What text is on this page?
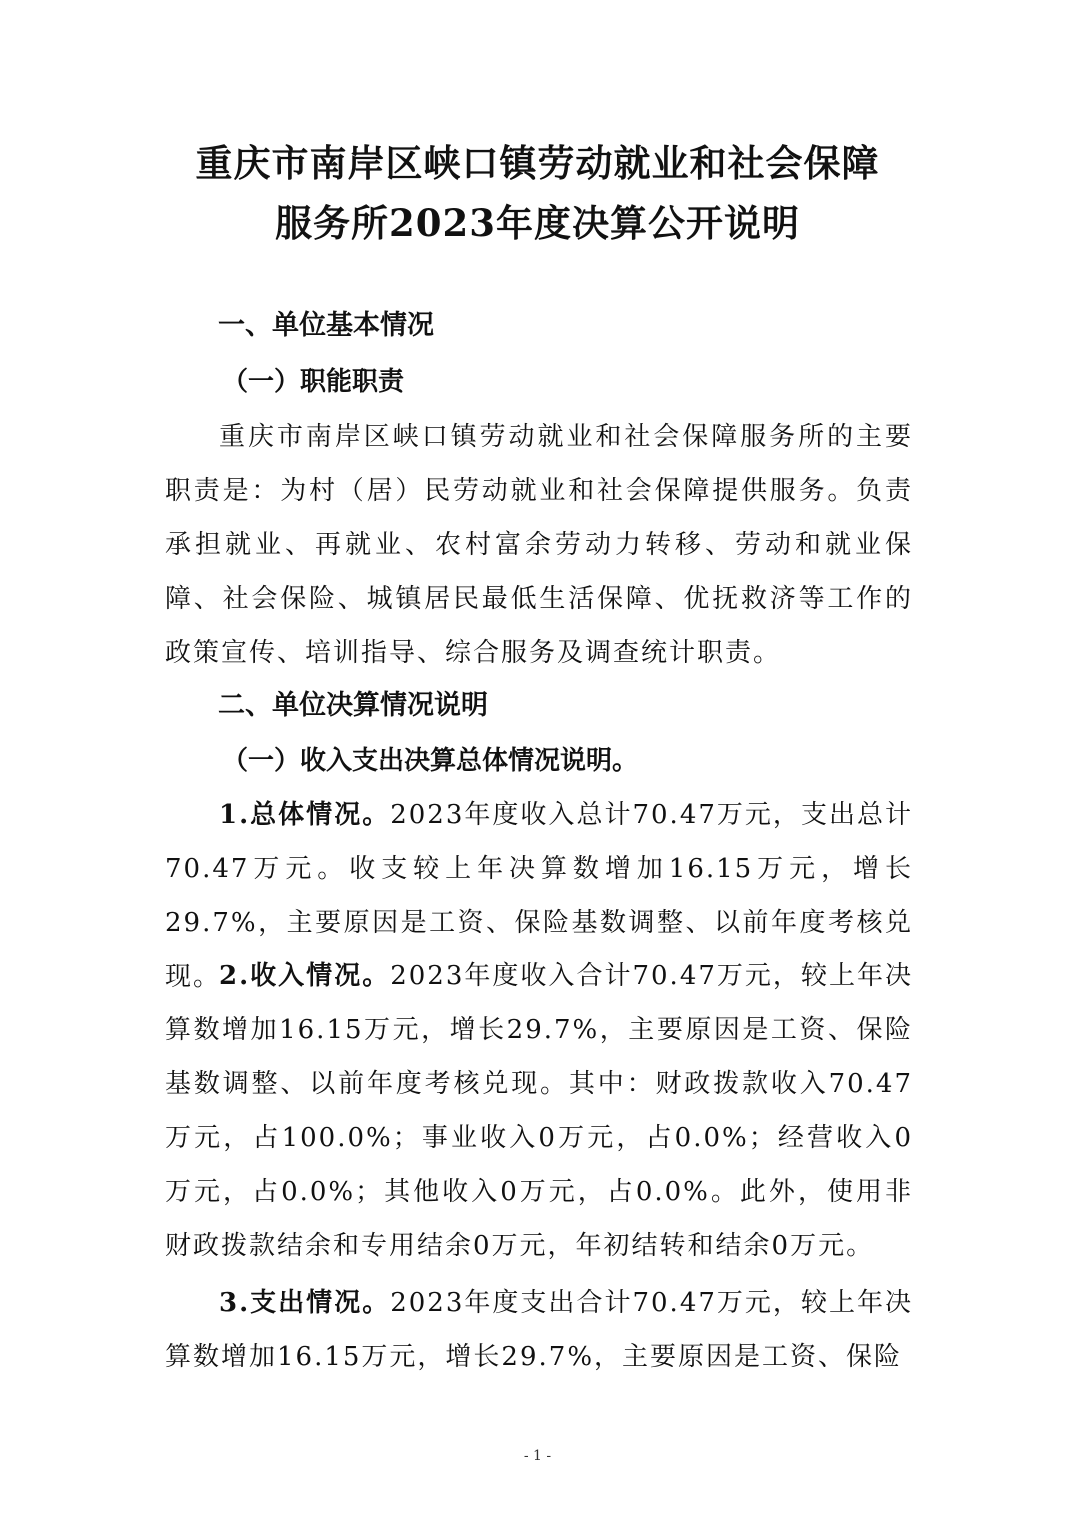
重庆市南岸区峡口镇劳动就业和社会保障
服务所2023年度决算公开说明
一、单位基本情况
（一）职能职责
重庆市南岸区峡口镇劳动就业和社会保障服务所的主要职责是：为村（居）民劳动就业和社会保障提供服务。负责承担就业、再就业、农村富余劳动力转移、劳动和就业保障、社会保险、城镇居民最低生活保障、优抚救济等工作的政策宣传、培训指导、综合服务及调查统计职责。
二、单位决算情况说明
（一）收入支出决算总体情况说明。
1.总体情况。2023年度收入总计70.47万元，支出总计70.47万元。收支较上年决算数增加16.15万元，增长29.7%，主要原因是工资、保险基数调整、以前年度考核兑现。
2.收入情况。2023年度收入合计70.47万元，较上年决算数增加16.15万元，增长29.7%，主要原因是工资、保险基数调整、以前年度考核兑现。其中：财政拨款收入70.47万元，占100.0%；事业收入0万元，占0.0%；经营收入0万元，占0.0%；其他收入0万元，占0.0%。此外，使用非财政拨款结余和专用结余0万元，年初结转和结余0万元。
3.支出情况。2023年度支出合计70.47万元，较上年决算数增加16.15万元，增长29.7%，主要原因是工资、保险
- 1 -
